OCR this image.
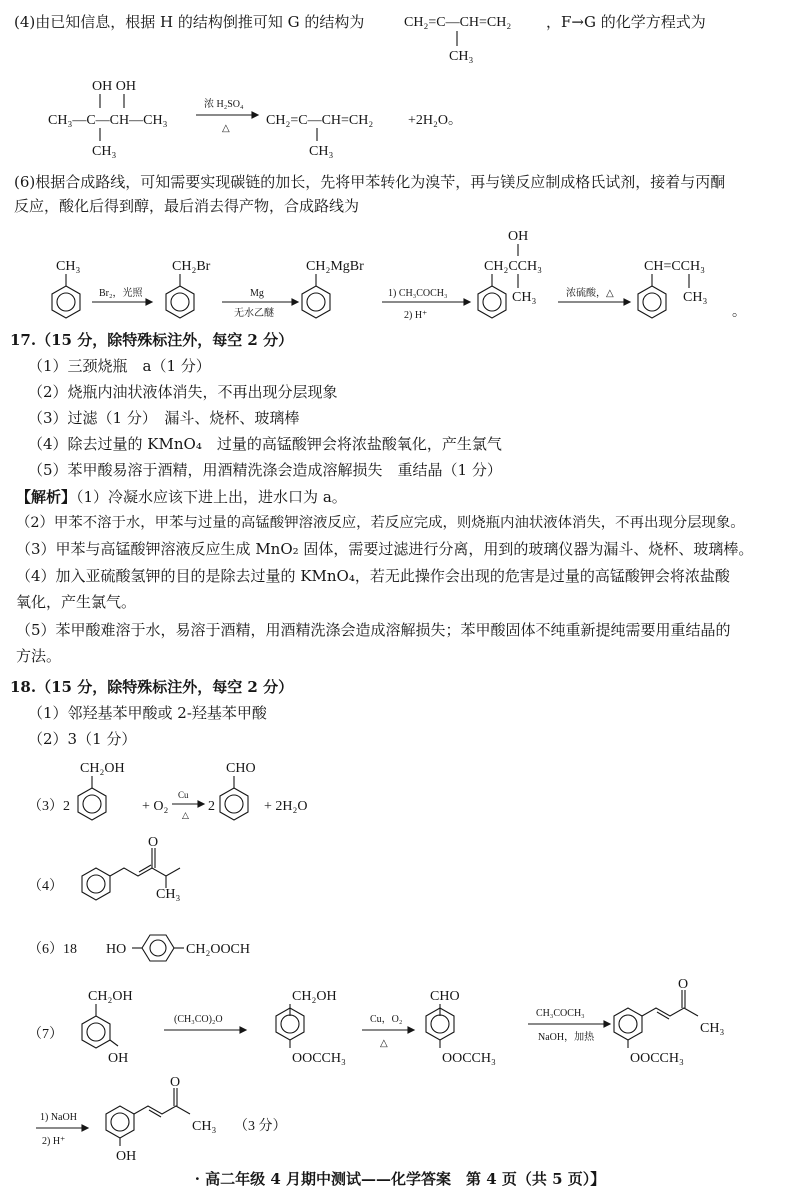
(4)由已知信息，根据 H 的结构倒推可知 G 的结构为	CH₂=C—CH=CH₂
CH₃
OH OH
CH₃—C—CH—CH₃
CH₃
浓 H₂SO₄
△
CH₂=C—CH=CH₂
CH₃
+2H₂O。
，F→G 的化学方程式为
(6)根据合成路线，可知需要实现碳链的加长，先将甲苯转化为溴苄，再与镁反应制成格氏试剂，接着与丙酮
反应，酸化后得到醇，最后消去得产物，合成路线为
CH₃
Br₂，光照
CH₂Br
Mg
无水乙醚
CH₂MgBr
1) CH₃COCH₃
2) H⁺
OH
CH₂CCH₃
CH₃	浓硫酸，△
CH=CCH₃
CH₃
。
17.（15 分，除特殊标注外，每空 2 分）
（1）三颈烧瓶　a（1 分）
（2）烧瓶内油状液体消失，不再出现分层现象
（3）过滤（1 分）　漏斗、烧杯、玻璃棒
（4）除去过量的 KMnO₄　过量的高锰酸钾会将浓盐酸氧化，产生氯气
（5）苯甲酸易溶于酒精，用酒精洗涤会造成溶解损失　重结晶（1 分）
【解析】（1）冷凝水应该下进上出，进水口为 a。
（2）甲苯不溶于水，甲苯与过量的高锰酸钾溶液反应，若反应完成，则烧瓶内油状液体消失，不再出现分层现象。
（3）甲苯与高锰酸钾溶液反应生成 MnO₂ 固体，需要过滤进行分离，用到的玻璃仪器为漏斗、烧杯、玻璃棒。
（4）加入亚硫酸氢钾的目的是除去过量的 KMnO₄，若无此操作会出现的危害是过量的高锰酸钾会将浓盐酸
氧化，产生氯气。
（5）苯甲酸难溶于水，易溶于酒精，用酒精洗涤会造成溶解损失；苯甲酸固体不纯重新提纯需要用重结晶的
方法。
18.（15 分，除特殊标注外，每空 2 分）
（1）邻羟基苯甲酸或 2-羟基苯甲酸
（2）3（1 分）
（3）2
CH₂OH
+ O₂
Cu
△
2
CHO
+ 2H₂O
（4）
O
CH₃
（6）18 HO	CH₂OOCH
（7）
CH₂OH
OH
(CH₃CO)₂O
CH₂OH
OOCCH₃
Cu，O₂
△
CHO
OOCCH₃
CH₃COCH₃
NaOH，加热
O
CH₃
OOCCH₃
1) NaOH
2) H⁺
O
CH₃
OH
（3 分）
· 高二年级 4 月期中测试——化学答案　第 4 页（共 5 页）】
